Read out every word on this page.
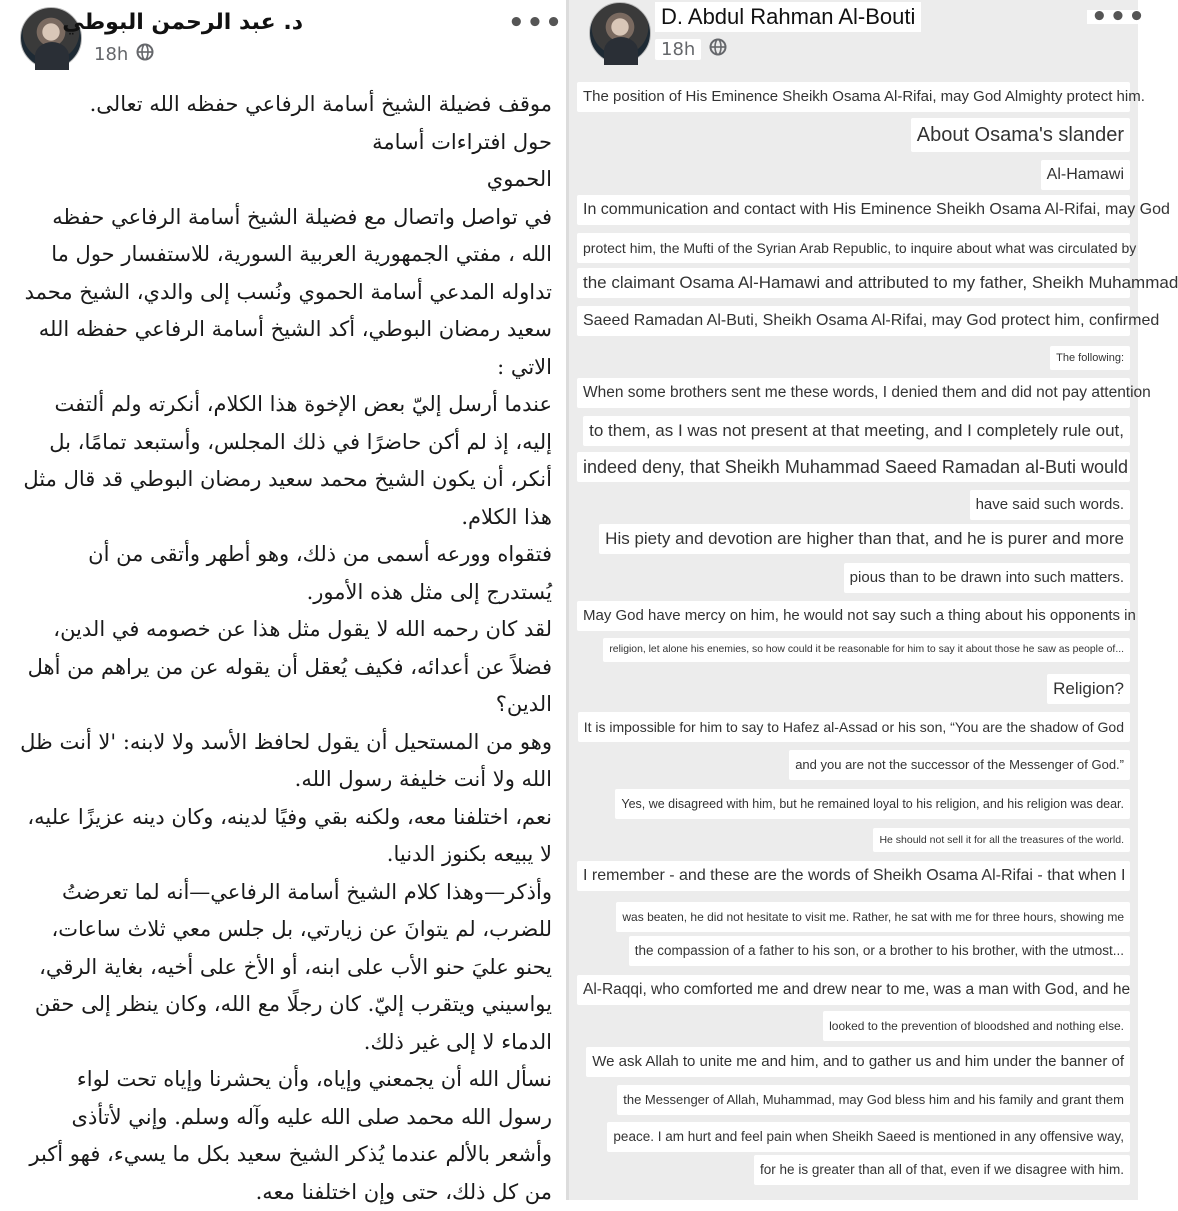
د. عبد الرحمن البوطي
18h
•••

موقف فضيلة الشيخ أسامة الرفاعي حفظه الله تعالى.

حول افتراءات أسامة

الحموي

في تواصل واتصال مع فضيلة الشيخ أسامة الرفاعي حفظه الله ، مفتي الجمهورية العربية السورية، للاستفسار حول ما تداوله المدعي أسامة الحموي ونُسب إلى والدي، الشيخ محمد سعيد رمضان البوطي، أكد الشيخ أسامة الرفاعي حفظه الله الاتي :

عندما أرسل إليّ بعض الإخوة هذا الكلام، أنكرته ولم ألتفت إليه، إذ لم أكن حاضرًا في ذلك المجلس، وأستبعد تمامًا، بل أنكر، أن يكون الشيخ محمد سعيد رمضان البوطي قد قال مثل هذا الكلام.

فتقواه وورعه أسمى من ذلك، وهو أطهر وأتقى من أن يُستدرج إلى مثل هذه الأمور.

لقد كان رحمه الله لا يقول مثل هذا عن خصومه في الدين، فضلاً عن أعدائه، فكيف يُعقل أن يقوله عن من يراهم من أهل الدين؟

وهو من المستحيل أن يقول لحافظ الأسد ولا لابنه: 'لا أنت ظل الله ولا أنت خليفة رسول الله.

نعم، اختلفنا معه، ولكنه بقي وفيًا لدينه، وكان دينه عزيزًا عليه، لا يبيعه بكنوز الدنيا.

وأذكر—وهذا كلام الشيخ أسامة الرفاعي—أنه لما تعرضتُ للضرب، لم يتوانَ عن زيارتي، بل جلس معي ثلاث ساعات، يحنو عليَ حنو الأب على ابنه، أو الأخ على أخيه، بغاية الرقي، يواسيني ويتقرب إليّ. كان رجلًا مع الله، وكان ينظر إلى حقن الدماء لا إلى غير ذلك.

نسأل الله أن يجمعني وإياه، وأن يحشرنا وإياه تحت لواء رسول الله محمد صلى الله عليه وآله وسلم. وإني لأتأذى وأشعر بالألم عندما يُذكر الشيخ سعيد بكل ما يسيء، فهو أكبر من كل ذلك، حتى وإن اختلفنا معه.

D. Abdul Rahman Al-Bouti
18h
•••
The position of His Eminence Sheikh Osama Al-Rifai, may God Almighty protect him.
About Osama's slander
Al-Hamawi
In communication and contact with His Eminence Sheikh Osama Al-Rifai, may God
protect him, the Mufti of the Syrian Arab Republic, to inquire about what was circulated by
the claimant Osama Al-Hamawi and attributed to my father, Sheikh Muhammad
Saeed Ramadan Al-Buti, Sheikh Osama Al-Rifai, may God protect him, confirmed
The following:
When some brothers sent me these words, I denied them and did not pay attention
to them, as I was not present at that meeting, and I completely rule out,
indeed deny, that Sheikh Muhammad Saeed Ramadan al-Buti would
have said such words.
His piety and devotion are higher than that, and he is purer and more
pious than to be drawn into such matters.
May God have mercy on him, he would not say such a thing about his opponents in
religion, let alone his enemies, so how could it be reasonable for him to say it about those he saw as people of...
Religion?
It is impossible for him to say to Hafez al-Assad or his son, “You are the shadow of God
and you are not the successor of the Messenger of God.”
Yes, we disagreed with him, but he remained loyal to his religion, and his religion was dear.
He should not sell it for all the treasures of the world.
I remember - and these are the words of Sheikh Osama Al-Rifai - that when I
was beaten, he did not hesitate to visit me. Rather, he sat with me for three hours, showing me
the compassion of a father to his son, or a brother to his brother, with the utmost...
Al-Raqqi, who comforted me and drew near to me, was a man with God, and he
looked to the prevention of bloodshed and nothing else.
We ask Allah to unite me and him, and to gather us and him under the banner of
the Messenger of Allah, Muhammad, may God bless him and his family and grant them
peace. I am hurt and feel pain when Sheikh Saeed is mentioned in any offensive way,
for he is greater than all of that, even if we disagree with him.
